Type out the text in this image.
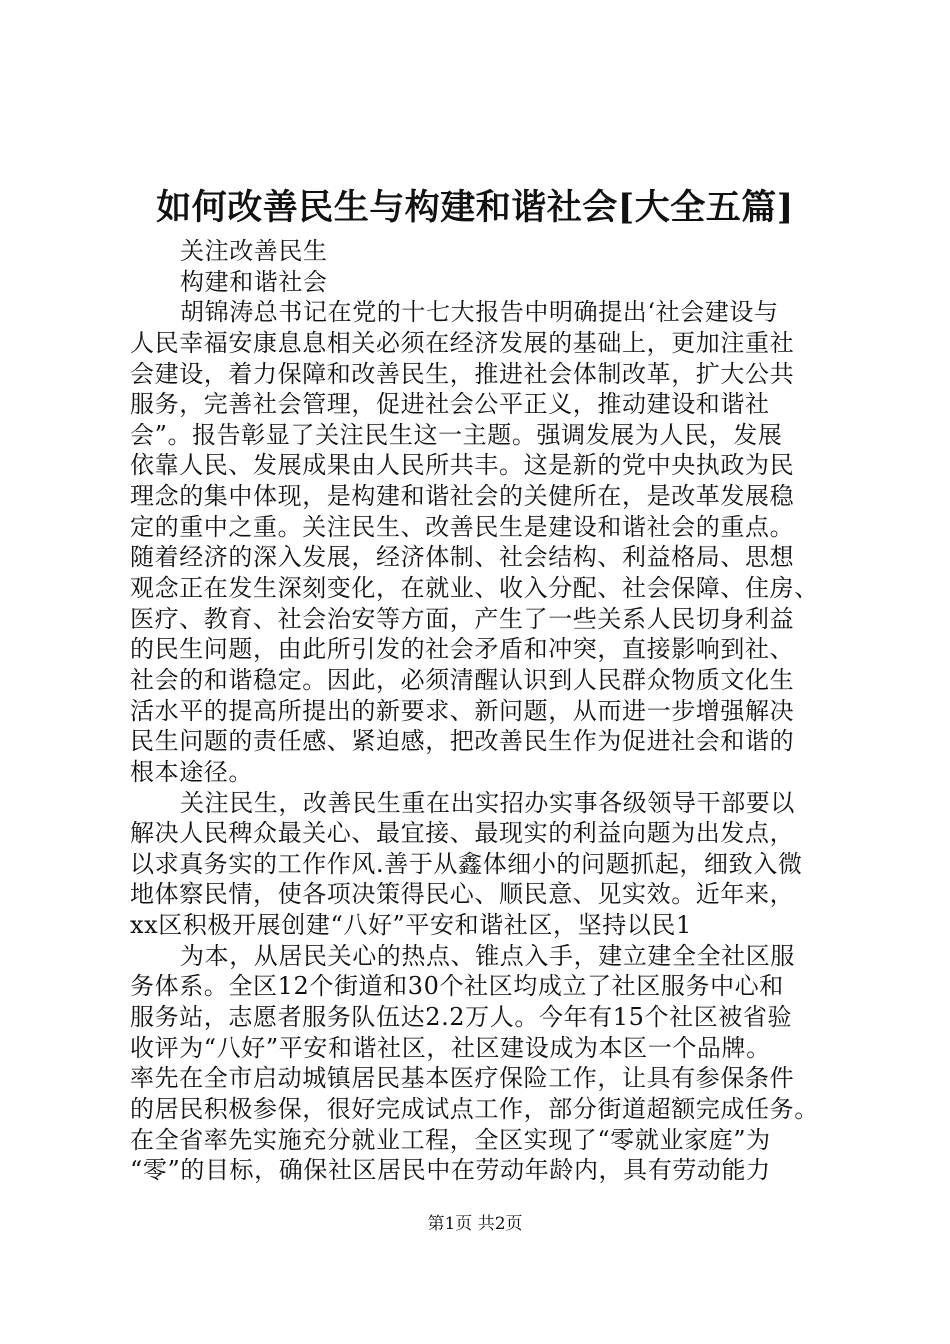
如何改善民生与构建和谐社会[大全五篇]
关注改善民生
构建和谐社会
胡锦涛总书记在党的十七大报告中明确提出‘社会建设与
人民幸福安康息息相关必须在经济发展的基础上，更加注重社
会建设，着力保障和改善民生，推进社会体制改革，扩大公共
服务，完善社会管理，促进社会公平正义，推动建设和谐社
会”。报告彰显了关注民生这一主题。强调发展为人民，发展
依靠人民、发展成果由人民所共丰。这是新的党中央执政为民
理念的集中体现，是构建和谐社会的关健所在，是改革发展稳
定的重中之重。关注民生、改善民生是建设和谐社会的重点。
随着经济的深入发展，经济体制、社会结构、利益格局、思想
观念正在发生深刻变化，在就业、收入分配、社会保障、住房、
医疗、教育、社会治安等方面，产生了一些关系人民切身利益
的民生问题，由此所引发的社会矛盾和冲突，直接影响到社、
社会的和谐稳定。因此，必须清醒认识到人民群众物质文化生
活水平的提高所提出的新要求、新问题，从而进一步增强解决
民生问题的责任感、紧迫感，把改善民生作为促进社会和谐的
根本途径。
关注民生，改善民生重在出实招办实事各级领导干部要以
解决人民稗众最关心、最宜接、最现实的利益向题为出发点，
以求真务实的工作作风.善于从鑫体细小的问题抓起，细致入微
地体察民情，使各项决策得民心、顺民意、见实效。近年来，
xx区积极开展创建“八好”平安和谐社区，坚持以民1
为本，从居民关心的热点、锥点入手，建立建全全社区服
务体系。全区12个街道和30个社区均成立了社区服务中心和
服务站，志愿者服务队伍达2.2万人。今年有15个社区被省验
收评为“八好”平安和谐社区，社区建设成为本区一个品牌。
率先在全市启动城镇居民基本医疗保险工作，让具有参保条件
的居民积极参保，很好完成试点工作，部分街道超额完成任务。
在全省率先实施充分就业工程，全区实现了“零就业家庭”为
“零”的目标，确保社区居民中在劳动年龄内，具有劳动能力
第1页 共2页
